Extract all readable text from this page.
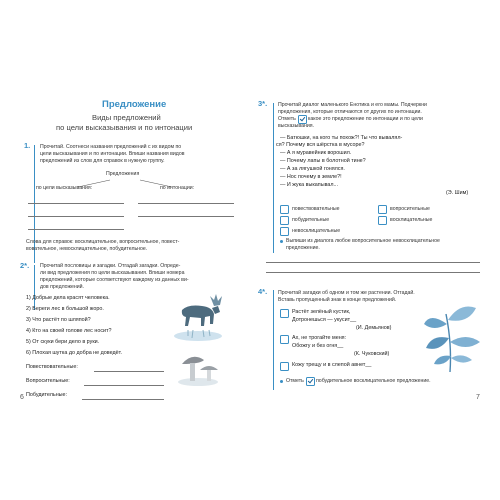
Предложение
Виды предложений
по цели высказывания и по интонации
1. Прочитай. Соотнеси названия предложений с их видом по
цели высказывания и по интонации. Впиши названия видов
предложений из слов для справок в нужную группу.
Предложения
по цели высказывания:	по интонации:
Слова для справок: восклицательное, вопросительное, повест-
вовательное, невосклицательное, побудительное.
2*. Прочитай пословицы и загадки. Отгадай загадки. Опреде-
ли вид предложения по цели высказывания. Впиши номера
предложений, которые соответствуют каждому из данных ви-
дов предложений.
1) Добрые дела красят человека.
2) Береги лес в большой жоро.
3) Что растёт по шляпой?
4) Кто на своей голове лес носит?
5) От скуки бери дело в руки.
6) Плохая шутка до добра не доведёт.
Повествовательные:
Вопросительные:
Побудительные:
6
3*. Прочитай диалог маленького Енотика и его мамы. Подчеркни
предложения, которые отличаются от других по интонации.
Отметь какое это предложение по интонации и по цели
высказывания.
— Батюшки, на кого ты похож?! Ты что вывалял-
ся? Почему вся шёрстка в мусоре?
— А я муравейник ворошил.
— Почему лапы в болотной тине?
— А за лягушкой гонялся.
— Нос почему в земле?!
— И жука выкапывал...
(Э. Шим)
повествовательные
побудительные
невосклицательные
вопросительные
восклицательные
Выпиши из диалога любое вопросительное невосклицательное
предложение.
4*. Прочитай загадки об одном и том же растении. Отгадай.
Вставь пропущенный знак в конце предложений.
Растёт зелёный кустик,
Дотронешься — укусит__
(И. Демьянов)
Ах, не трогайте меня:
Обожгу и без огня__
(К. Чуковский)
Кожу трещу и в слепой авнет__
Отметь побудительное восклицательное предложение.
7
